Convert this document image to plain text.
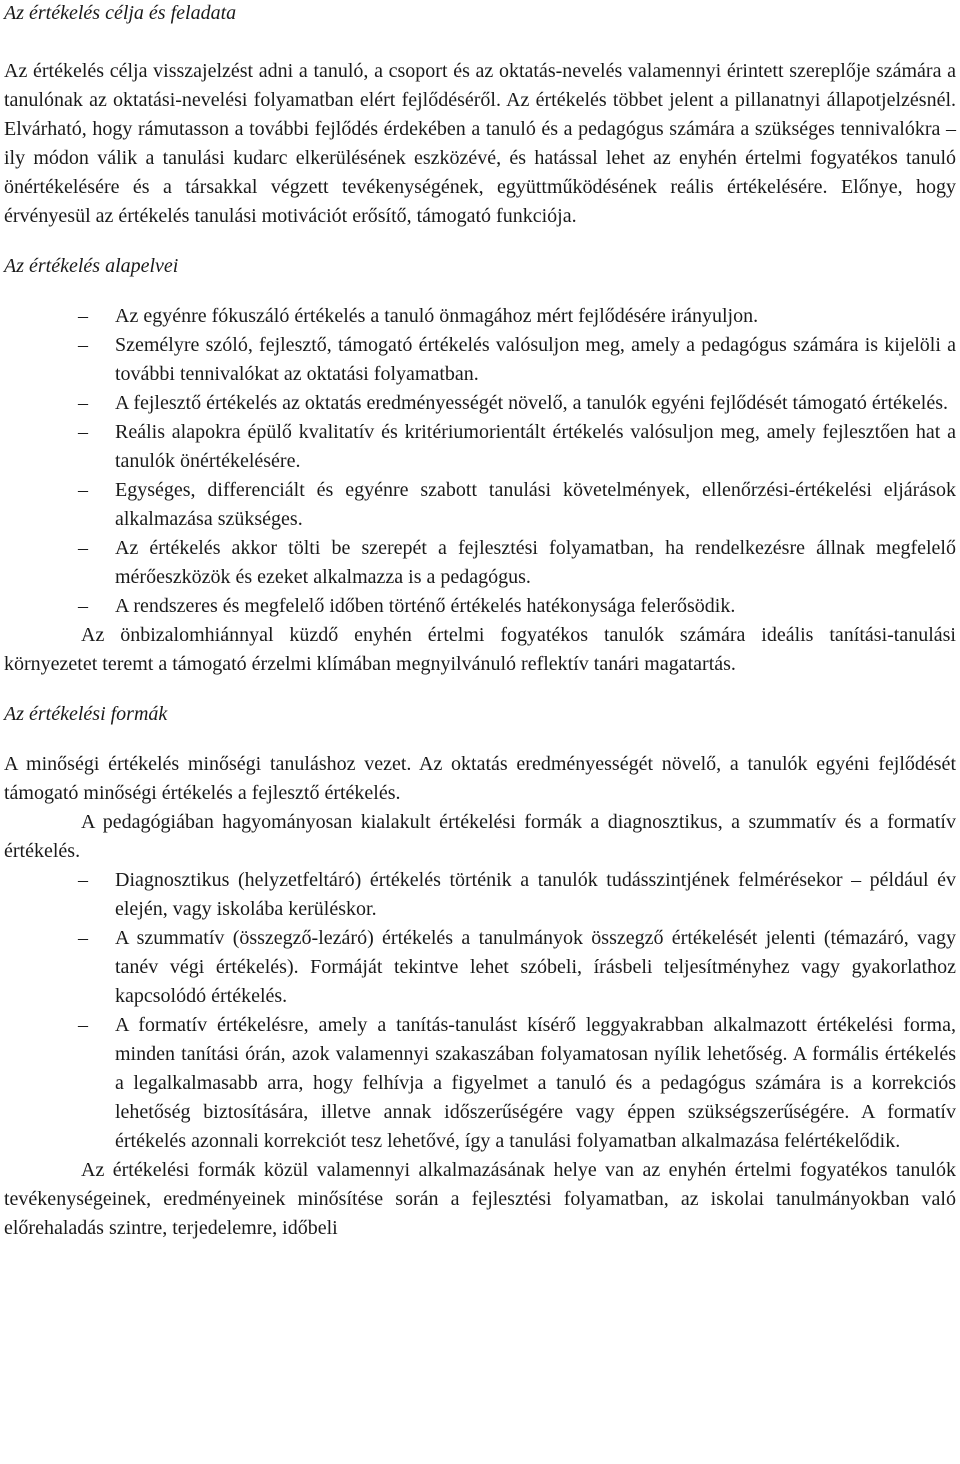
Az értékelés célja és feladata

Az értékelés célja visszajelzést adni a tanuló, a csoport és az oktatás-nevelés valamennyi érintett szereplője számára a tanulónak az oktatási-nevelési folyamatban elért fejlődéséről. Az értékelés többet jelent a pillanatnyi állapotjelzésnél. Elvárható, hogy rámutasson a további fejlődés érdekében a tanuló és a pedagógus számára a szükséges tennivalókra – ily módon válik a tanulási kudarc elkerülésének eszközévé, és hatással lehet az enyhén értelmi fogyatékos tanuló önértékelésére és a társakkal végzett tevékenységének, együttműködésének reális értékelésére. Előnye, hogy érvényesül az értékelés tanulási motivációt erősítő, támogató funkciója.

Az értékelés alapelvei
– Az egyénre fókuszáló értékelés a tanuló önmagához mért fejlődésére irányuljon.
– Személyre szóló, fejlesztő, támogató értékelés valósuljon meg, amely a pedagógus számára is kijelöli a további tennivalókat az oktatási folyamatban.
– A fejlesztő értékelés az oktatás eredményességét növelő, a tanulók egyéni fejlődését támogató értékelés.
– Reális alapokra épülő kvalitatív és kritériumorientált értékelés valósuljon meg, amely fejlesztően hat a tanulók önértékelésére.
– Egységes, differenciált és egyénre szabott tanulási követelmények, ellenőrzési-értékelési eljárások alkalmazása szükséges.
– Az értékelés akkor tölti be szerepét a fejlesztési folyamatban, ha rendelkezésre állnak megfelelő mérőeszközök és ezeket alkalmazza is a pedagógus.
– A rendszeres és megfelelő időben történő értékelés hatékonysága felerősödik.

Az önbizalomhiánnyal küzdő enyhén értelmi fogyatékos tanulók számára ideális tanítási-tanulási környezetet teremt a támogató érzelmi klímában megnyilvánuló reflektív tanári magatartás.

Az értékelési formák

A minőségi értékelés minőségi tanuláshoz vezet. Az oktatás eredményességét növelő, a tanulók egyéni fejlődését támogató minőségi értékelés a fejlesztő értékelés.

A pedagógiában hagyományosan kialakult értékelési formák a diagnosztikus, a szummatív és a formatív értékelés.

– Diagnosztikus (helyzetfeltáró) értékelés történik a tanulók tudásszintjének felmérésekor – például év elején, vagy iskolába kerüléskor.
– A szummatív (összegző-lezáró) értékelés a tanulmányok összegző értékelését jelenti (témazáró, vagy tanév végi értékelés). Formáját tekintve lehet szóbeli, írásbeli teljesítményhez vagy gyakorlathoz kapcsolódó értékelés.
– A formatív értékelésre, amely a tanítás-tanulást kísérő leggyakrabban alkalmazott értékelési forma, minden tanítási órán, azok valamennyi szakaszában folyamatosan nyílik lehetőség. A formális értékelés a legalkalmasabb arra, hogy felhívja a figyelmet a tanuló és a pedagógus számára is a korrekciós lehetőség biztosítására, illetve annak időszerűségére vagy éppen szükségszerűségére. A formatív értékelés azonnali korrekciót tesz lehetővé, így a tanulási folyamatban alkalmazása felértékelődik.

Az értékelési formák közül valamennyi alkalmazásának helye van az enyhén értelmi fogyatékos tanulók tevékenységeinek, eredményeinek minősítése során a fejlesztési folyamatban, az iskolai tanulmányokban való előrehaladás szintre, terjedelemre, időbeli
